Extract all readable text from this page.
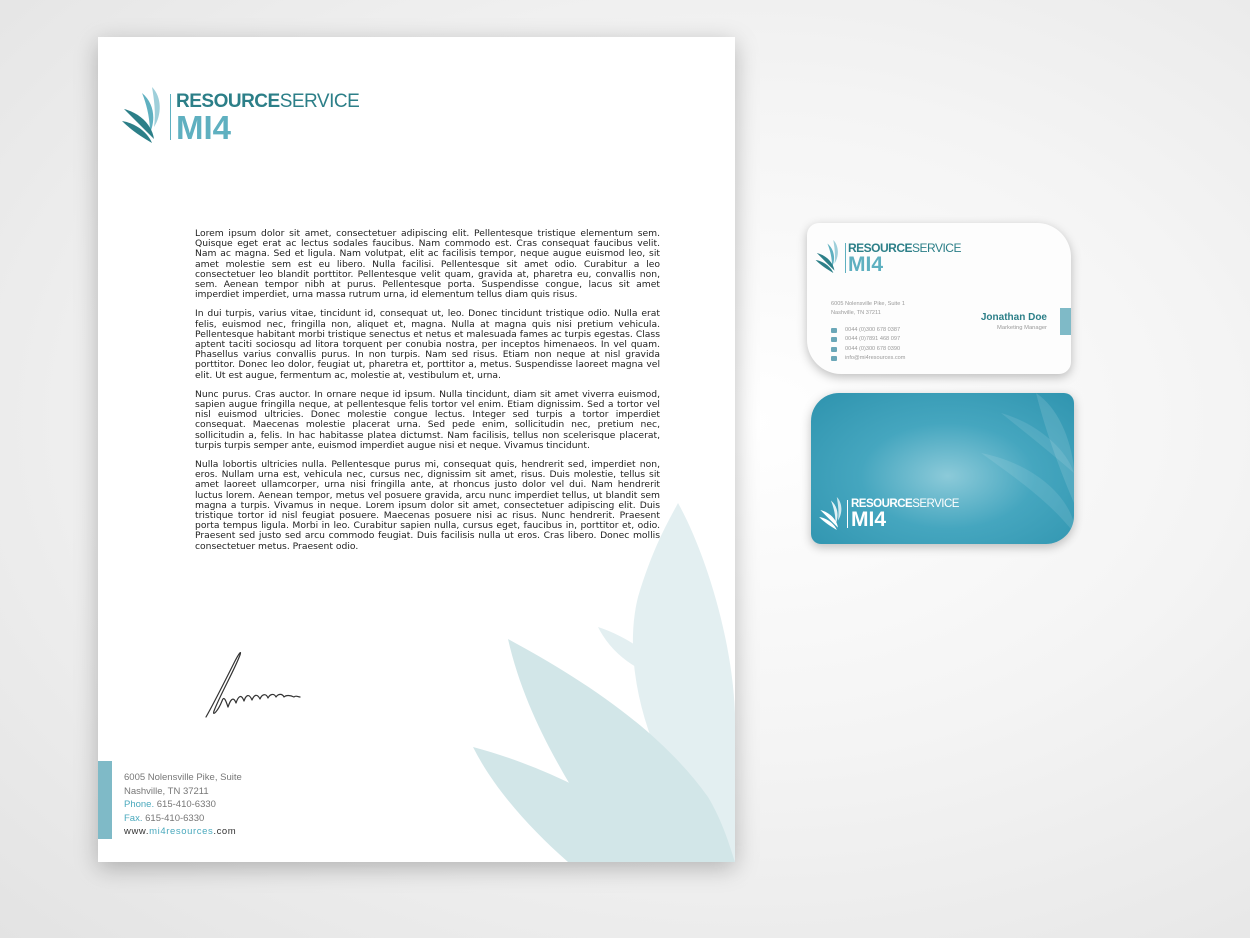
RESOURCESERVICE
MI4

Lorem ipsum dolor sit amet, consectetuer adipiscing elit. Pellentesque tristique elementum sem. Quisque eget erat ac lectus sodales faucibus. Nam commodo est. Cras consequat faucibus velit. Nam ac magna. Sed et ligula. Nam volutpat, elit ac facilisis tempor, neque augue euismod leo, sit amet molestie sem est eu libero. Nulla facilisi. Pellentesque sit amet odio. Curabitur a leo consectetuer leo blandit porttitor. Pellentesque velit quam, gravida at, pharetra eu, convallis non, sem. Aenean tempor nibh at purus. Pellentesque porta. Suspendisse congue, lacus sit amet imperdiet imperdiet, urna massa rutrum urna, id elementum tellus diam quis risus.

In dui turpis, varius vitae, tincidunt id, consequat ut, leo. Donec tincidunt tristique odio. Nulla erat felis, euismod nec, fringilla non, aliquet et, magna. Nulla at magna quis nisi pretium vehicula. Pellentesque habitant morbi tristique senectus et netus et malesuada fames ac turpis egestas. Class aptent taciti sociosqu ad litora torquent per conubia nostra, per inceptos himenaeos. In vel quam. Phasellus varius convallis purus. In non turpis. Nam sed risus. Etiam non neque at nisl gravida porttitor. Donec leo dolor, feugiat ut, pharetra et, porttitor a, metus. Suspendisse laoreet magna vel elit. Ut est augue, fermentum ac, molestie at, vestibulum et, urna.

Nunc purus. Cras auctor. In ornare neque id ipsum. Nulla tincidunt, diam sit amet viverra euismod, sapien augue fringilla neque, at pellentesque felis tortor vel enim. Etiam dignissim. Sed a tortor vel nisl euismod ultricies. Donec molestie congue lectus. Integer sed turpis a tortor imperdiet consequat. Maecenas molestie placerat urna. Sed pede enim, sollicitudin nec, pretium nec, sollicitudin a, felis. In hac habitasse platea dictumst. Nam facilisis, tellus non scelerisque placerat, turpis turpis semper ante, euismod imperdiet augue nisi et neque. Vivamus tincidunt.

Nulla lobortis ultricies nulla. Pellentesque purus mi, consequat quis, hendrerit sed, imperdiet non, eros. Nullam urna est, vehicula nec, cursus nec, dignissim sit amet, risus. Duis molestie, tellus sit amet laoreet ullamcorper, urna nisi fringilla ante, at rhoncus justo dolor vel dui. Nam hendrerit luctus lorem. Aenean tempor, metus vel posuere gravida, arcu nunc imperdiet tellus, ut blandit sem magna a turpis. Vivamus in neque. Lorem ipsum dolor sit amet, consectetuer adipiscing elit. Duis tristique tortor id nisl feugiat posuere. Maecenas posuere nisi ac risus. Nunc hendrerit. Praesent porta tempus ligula. Morbi in leo. Curabitur sapien nulla, cursus eget, faucibus in, porttitor et, odio. Praesent sed justo sed arcu commodo feugiat. Duis facilisis nulla ut eros. Cras libero. Donec mollis consectetuer metus. Praesent odio.

6005 Nolensville Pike, Suite
Nashville, TN 37211
Phone. 615-410-6330
Fax. 615-410-6330
www.mi4resources.com
RESOURCESERVICE
MI4
6005 Nolensville Pike, Suite 1
Nashville, TN 37211
0044 (0)300 678 0387
0044 (0)7891 468 097
0044 (0)300 678 0390
info@mi4resources.com
Jonathan Doe
Marketing Manager
RESOURCESERVICE
MI4
